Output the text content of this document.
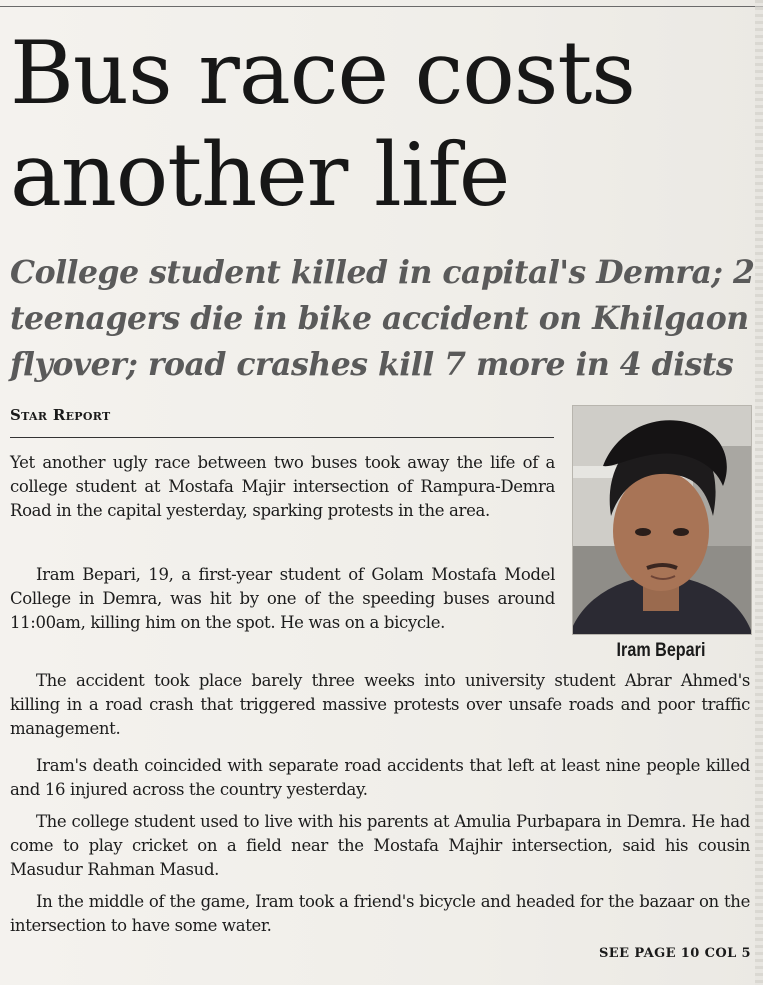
Bus race costs
another life
College student killed in capital's Demra; 2
teenagers die in bike accident on Khilgaon
flyover; road crashes kill 7 more in 4 dists
Star Report
Iram Bepari

Yet another ugly race between two buses took away the life of a college student at Mostafa Majir intersection of Rampura-Demra Road in the capital yesterday, sparking protests in the area.

Iram Bepari, 19, a first-year student of Golam Mostafa Model College in Demra, was hit by one of the speeding buses around 11:00am, killing him on the spot. He was on a bicycle.

The accident took place barely three weeks into university student Abrar Ahmed's killing in a road crash that triggered massive protests over unsafe roads and poor traffic management.

Iram's death coincided with separate road accidents that left at least nine people killed and 16 injured across the country yesterday.

The college student used to live with his parents at Amulia Purbapara in Demra. He had come to play cricket on a field near the Mostafa Majhir intersection, said his cousin Masudur Rahman Masud.

In the middle of the game, Iram took a friend's bicycle and headed for the bazaar on the intersection to have some water.

SEE PAGE 10 COL 5
